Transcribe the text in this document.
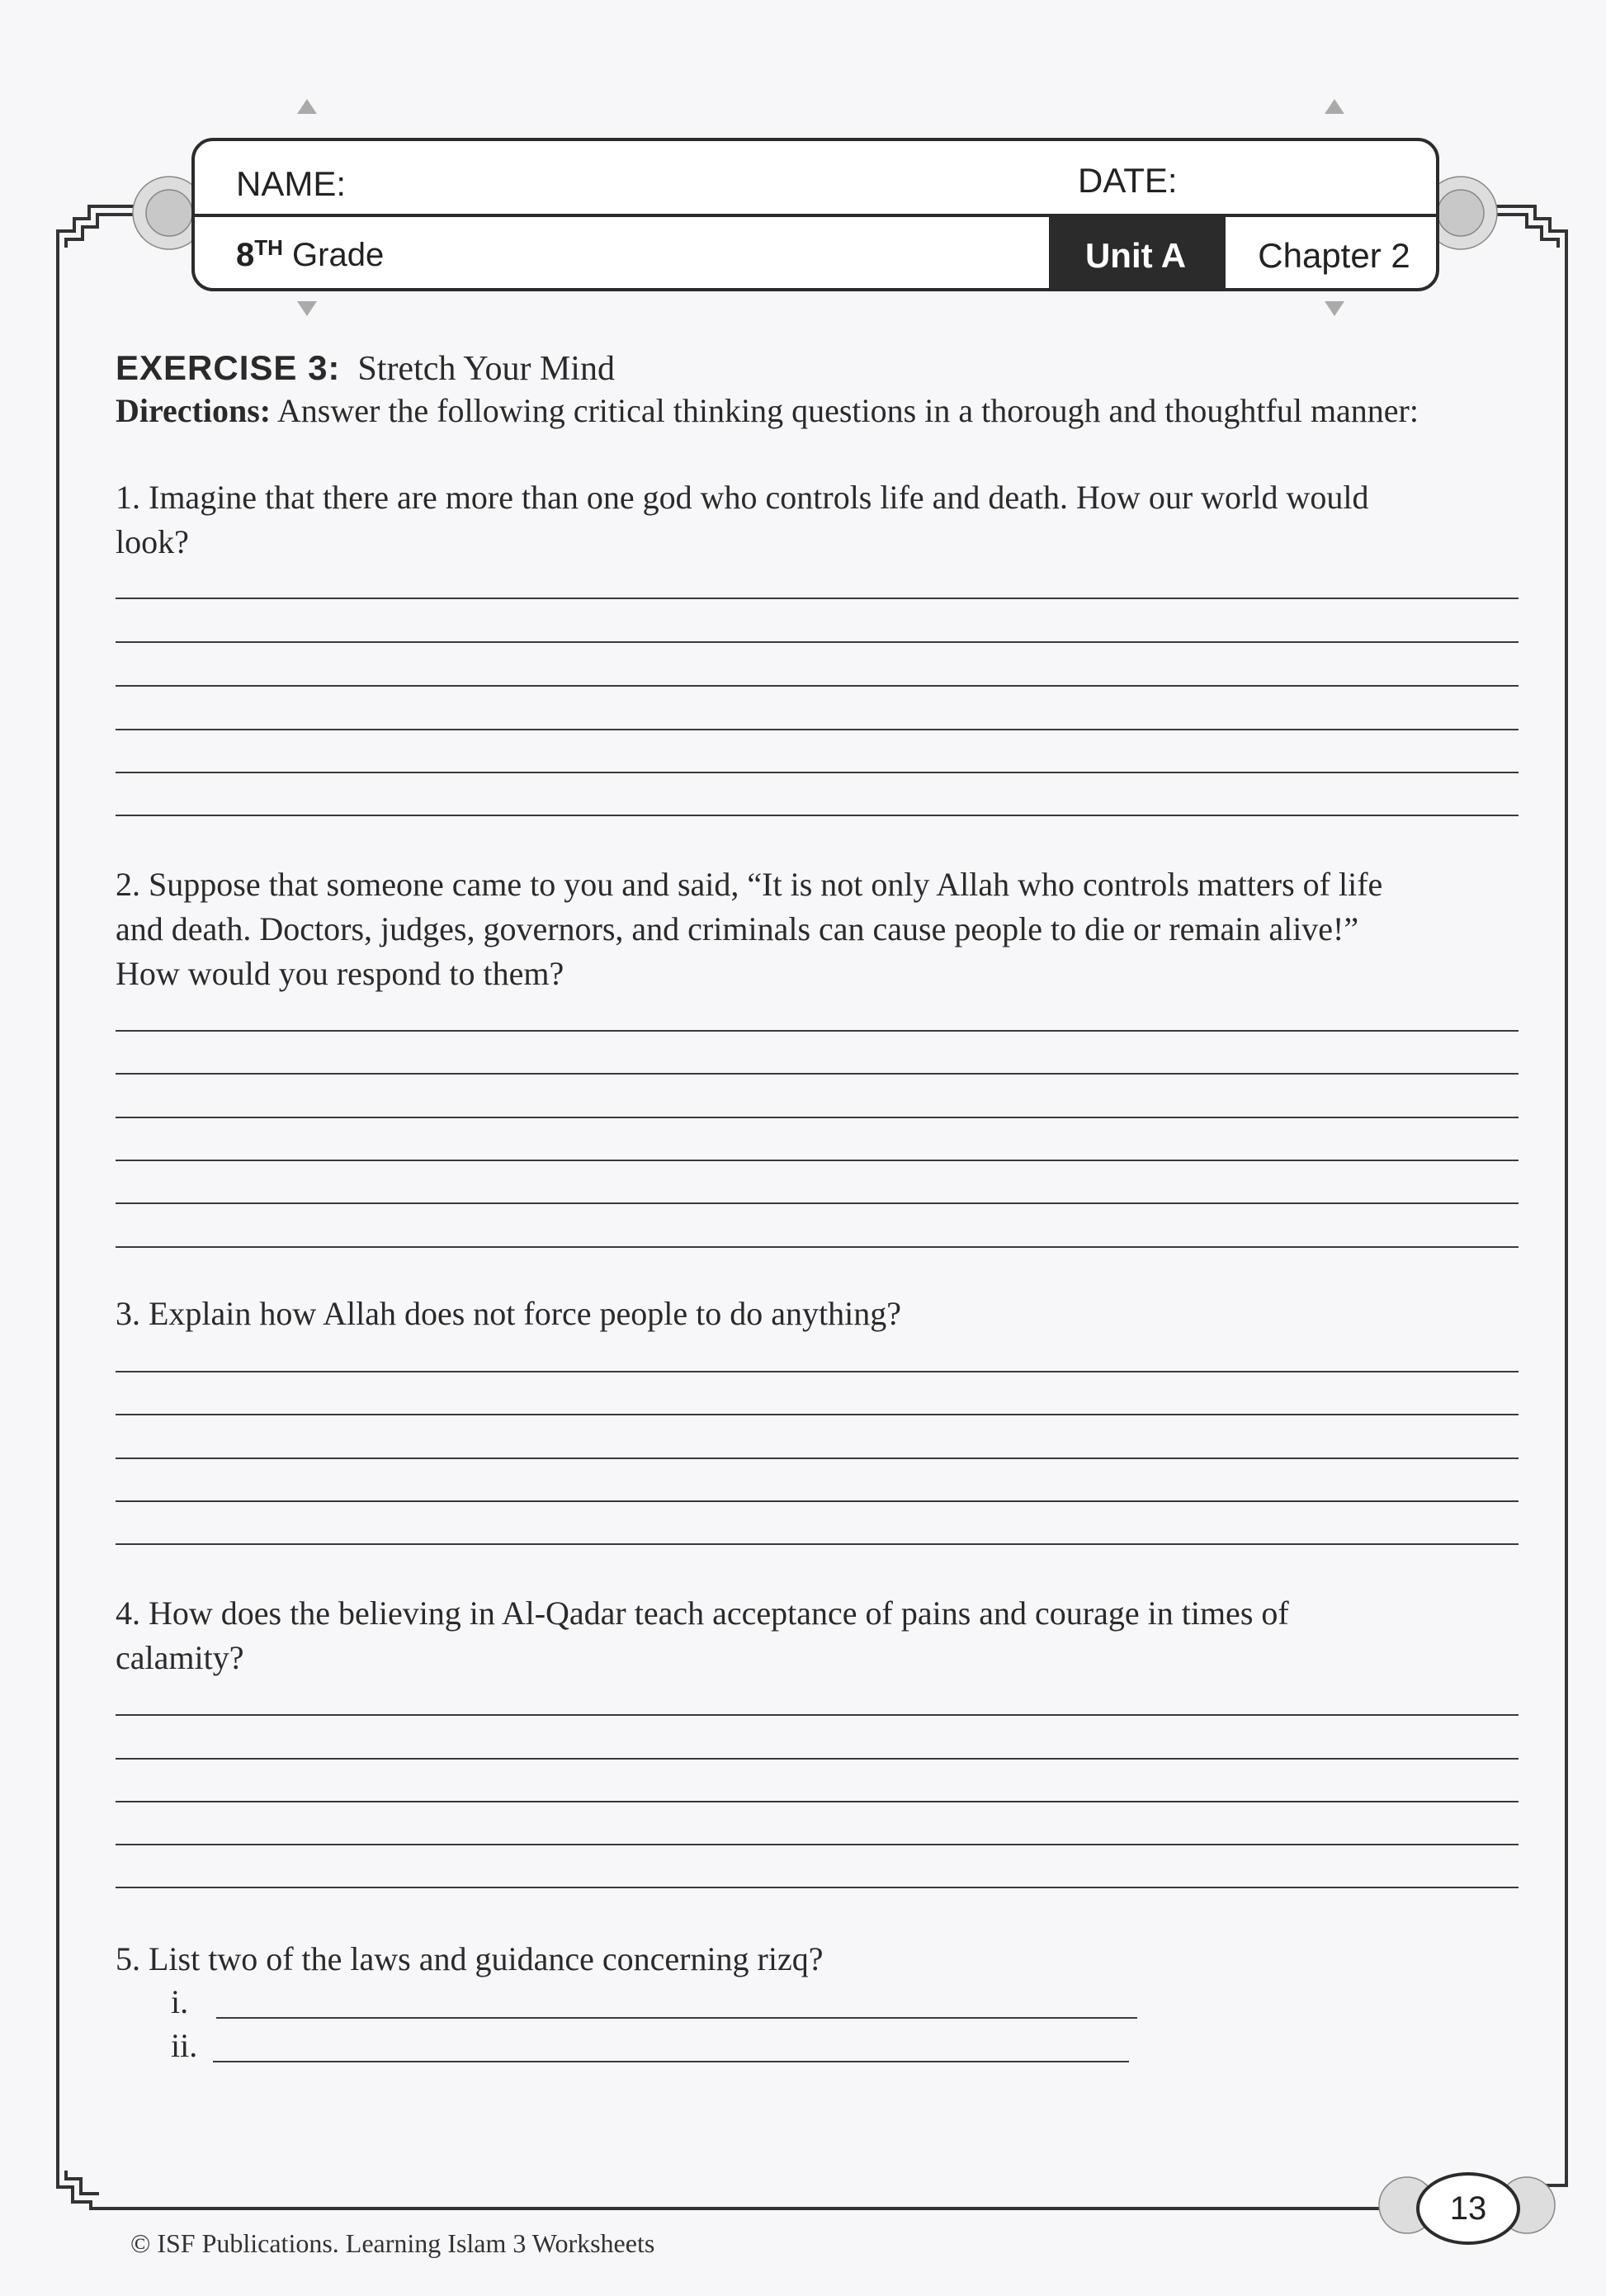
NAME:	DATE:
8TH Grade	Unit A	Chapter 2
EXERCISE 3: Stretch Your Mind
Directions: Answer the following critical thinking questions in a thorough and thoughtful manner:
1. Imagine that there are more than one god who controls life and death. How our world would
look?
2. Suppose that someone came to you and said, “It is not only Allah who controls matters of life
and death. Doctors, judges, governors, and criminals can cause people to die or remain alive!”
How would you respond to them?
3. Explain how Allah does not force people to do anything?
4. How does the believing in Al-Qadar teach acceptance of pains and courage in times of
calamity?
5. List two of the laws and guidance concerning rizq?
i.
ii.
13
© ISF Publications. Learning Islam 3 Worksheets
